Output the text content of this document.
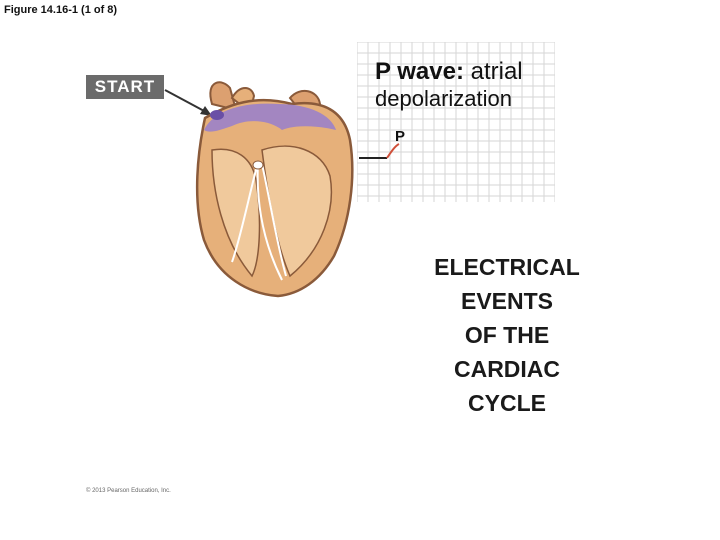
Figure 14.16-1 (1 of 8)
START
P wave: atrial
depolarization
P
ELECTRICAL
EVENTS
OF THE
CARDIAC
CYCLE
© 2013 Pearson Education, Inc.
